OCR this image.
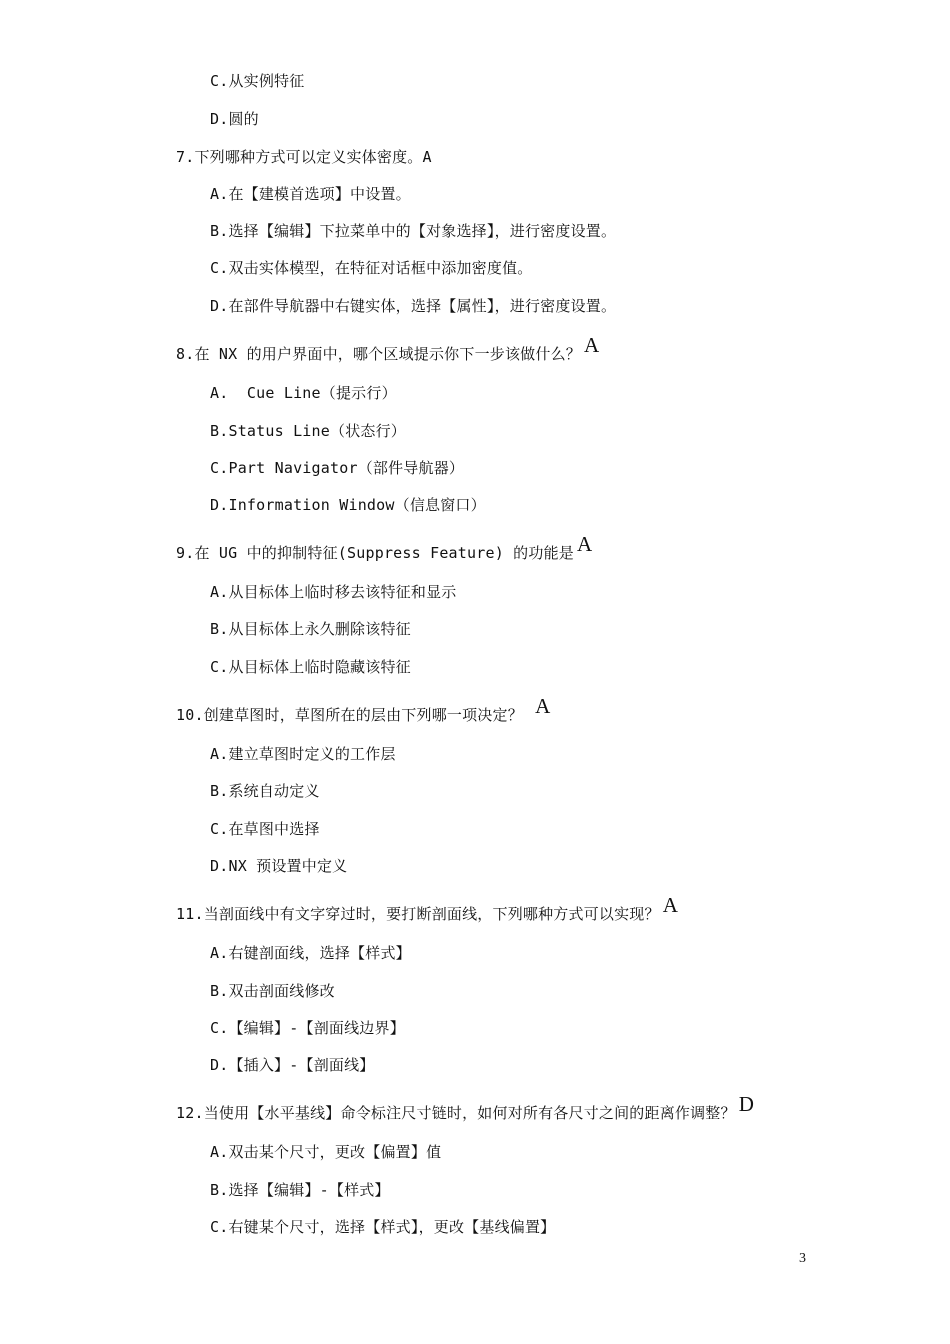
C.从实例特征
D.圆的
7.下列哪种方式可以定义实体密度。A
A.在【建模首选项】中设置。
B.选择【编辑】下拉菜单中的【对象选择】，进行密度设置。
C.双击实体模型，在特征对话框中添加密度值。
D.在部件导航器中右键实体，选择【属性】，进行密度设置。
8.在 NX 的用户界面中，哪个区域提示你下一步该做什么？ A
A.  Cue Line（提示行）
B.Status Line（状态行）
C.Part Navigator（部件导航器）
D.Information Window（信息窗口）
9.在 UG 中的抑制特征(Suppress Feature) 的功能是 A
A.从目标体上临时移去该特征和显示
B.从目标体上永久删除该特征
C.从目标体上临时隐藏该特征
10.创建草图时，草图所在的层由下列哪一项决定？ A
A.建立草图时定义的工作层
B.系统自动定义
C.在草图中选择
D.NX 预设置中定义
11.当剖面线中有文字穿过时，要打断剖面线，下列哪种方式可以实现？ A
A.右键剖面线，选择【样式】
B.双击剖面线修改
C.【编辑】-【剖面线边界】
D.【插入】-【剖面线】
12.当使用【水平基线】命令标注尺寸链时，如何对所有各尺寸之间的距离作调整？ D
A.双击某个尺寸，更改【偏置】值
B.选择【编辑】-【样式】
C.右键某个尺寸，选择【样式】，更改【基线偏置】
3
